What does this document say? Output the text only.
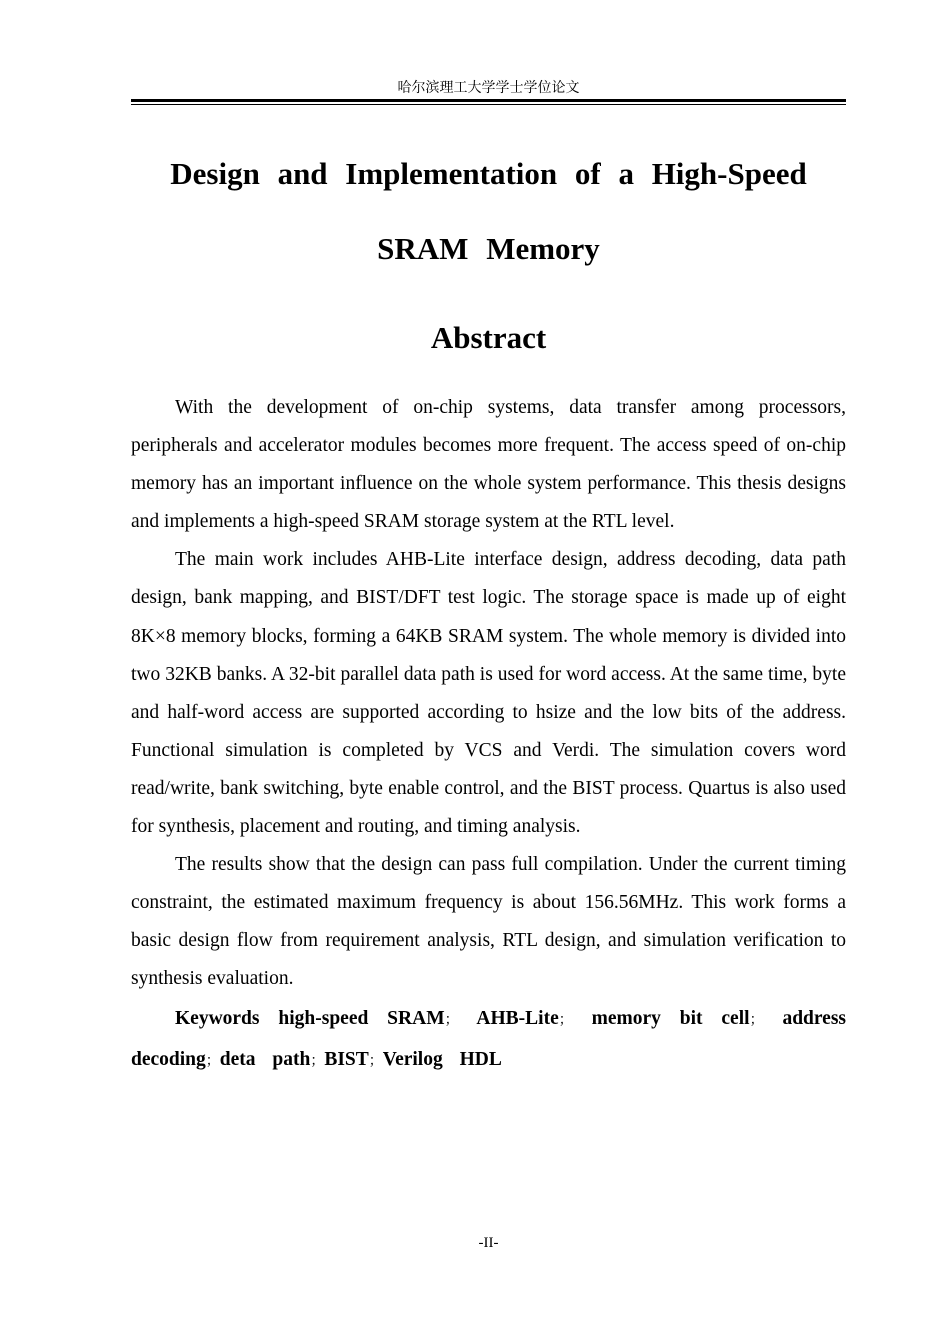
哈尔滨理工大学学士学位论文
Design and Implementation of a High-Speed
SRAM Memory
Abstract

With the development of on-chip systems, data transfer among processors, peripherals and accelerator modules becomes more frequent. The access speed of on-chip memory has an important influence on the whole system performance. This thesis designs and implements a high-speed SRAM storage system at the RTL level.

The main work includes AHB-Lite interface design, address decoding, data path design, bank mapping, and BIST/DFT test logic. The storage space is made up of eight 8K×8 memory blocks, forming a 64KB SRAM system. The whole memory is divided into two 32KB banks. A 32-bit parallel data path is used for word access. At the same time, byte and half-word access are supported according to hsize and the low bits of the address. Functional simulation is completed by VCS and Verdi. The simulation covers word read/write, bank switching, byte enable control, and the BIST process. Quartus is also used for synthesis, placement and routing, and timing analysis.

The results show that the design can pass full compilation. Under the current timing constraint, the estimated maximum frequency is about 156.56MHz. This work forms a basic design flow from requirement analysis, RTL design, and simulation verification to synthesis evaluation.

Keywords high-speed SRAM； AHB-Lite； memory bit cell； address decoding；deta path；BIST；Verilog HDL

-II-
